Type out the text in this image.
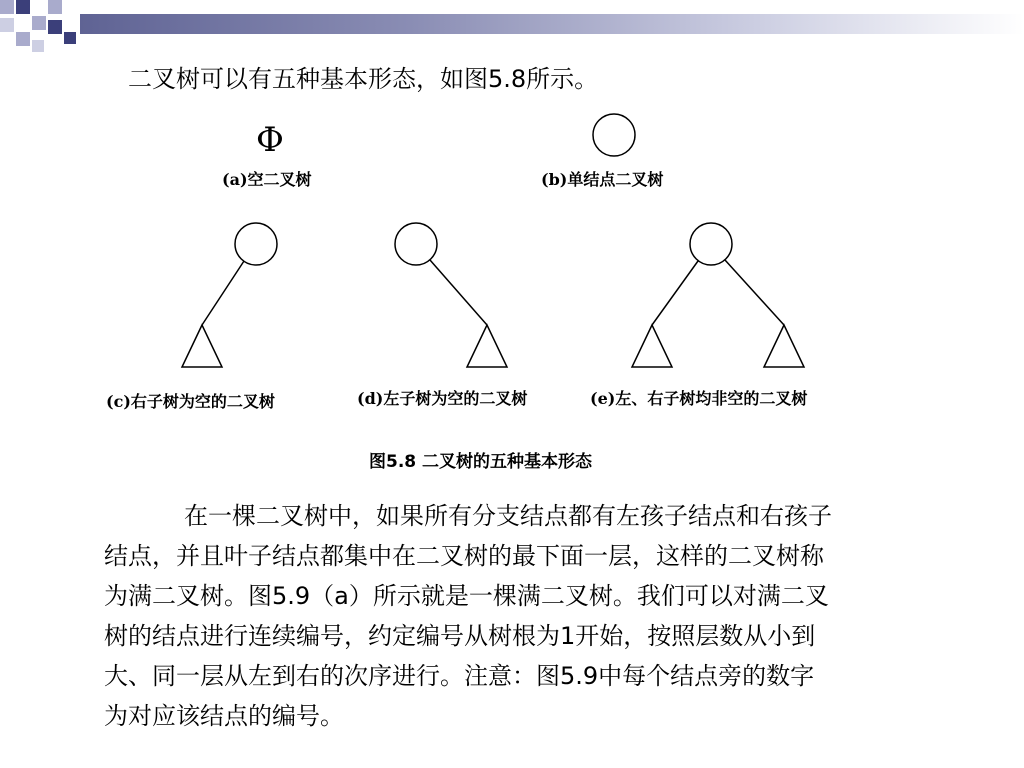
二叉树可以有五种基本形态，如图5.8所示。
Φ
(a)空二叉树	(b)单结点二叉树
(c)右子树为空的二叉树	(d)左子树为空的二叉树	(e)左、右子树均非空的二叉树
图5.8 二叉树的五种基本形态
在一棵二叉树中，如果所有分支结点都有左孩子结点和右孩子
结点，并且叶子结点都集中在二叉树的最下面一层，这样的二叉树称
为满二叉树。图5.9（a）所示就是一棵满二叉树。我们可以对满二叉
树的结点进行连续编号，约定编号从树根为1开始，按照层数从小到
大、同一层从左到右的次序进行。注意：图5.9中每个结点旁的数字
为对应该结点的编号。
